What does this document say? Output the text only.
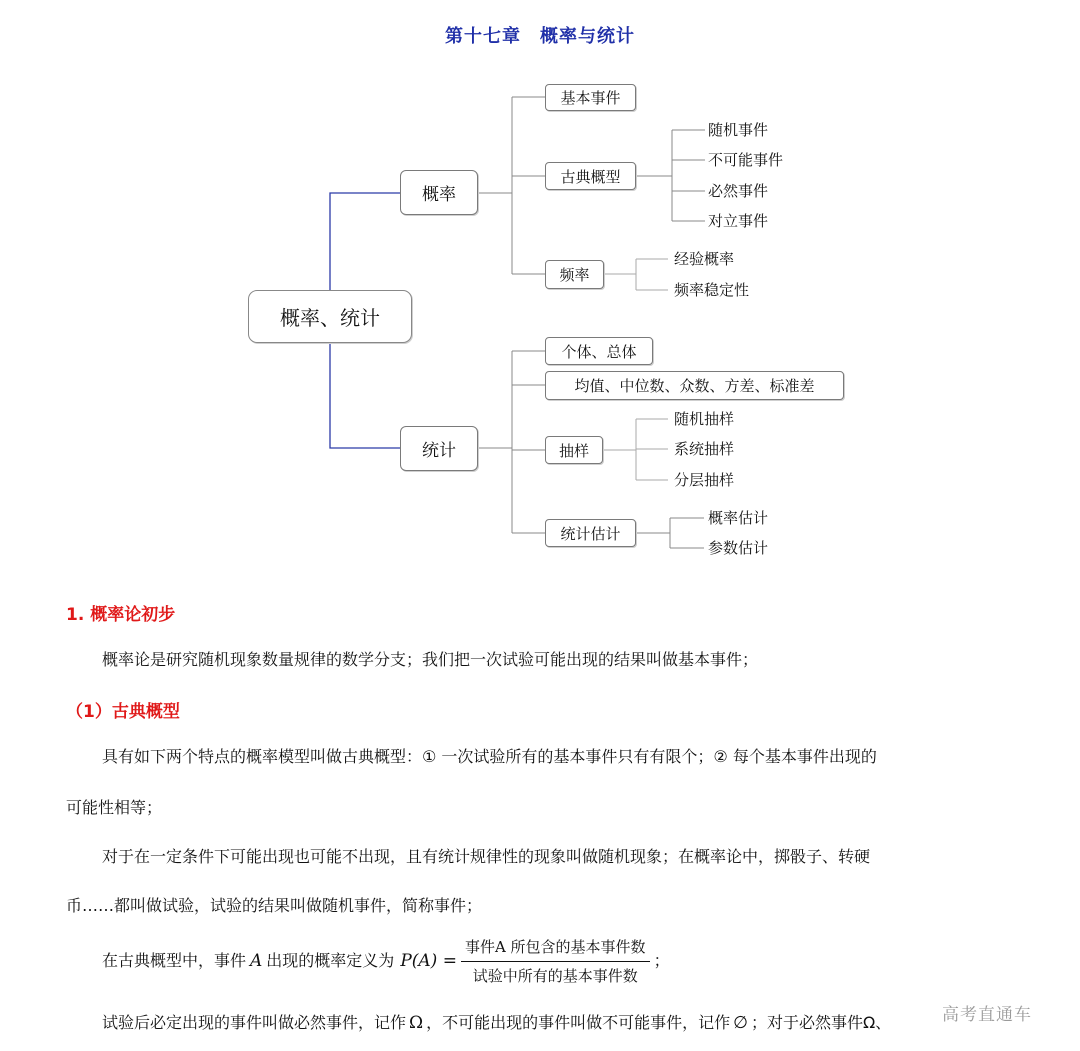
第十七章　概率与统计
概率、统计
概率
统计
基本事件
古典概型
频率
随机事件
不可能事件
必然事件
对立事件
经验概率
频率稳定性
个体、总体
均值、中位数、众数、方差、标准差
抽样
统计估计
随机抽样
系统抽样
分层抽样
概率估计
参数估计
1. 概率论初步
概率论是研究随机现象数量规律的数学分支；我们把一次试验可能出现的结果叫做基本事件；
（1）古典概型
具有如下两个特点的概率模型叫做古典概型：① 一次试验所有的基本事件只有有限个；② 每个基本事件出现的
可能性相等；
对于在一定条件下可能出现也可能不出现，且有统计规律性的现象叫做随机现象；在概率论中，掷骰子、转硬
币……都叫做试验，试验的结果叫做随机事件，简称事件；
在古典概型中，事件 A 出现的概率定义为 $P(A) = \frac{\text{事件A 所包含的基本事件数}}{\text{试验中所有的基本事件数}}$ ；
试验后必定出现的事件叫做必然事件，记作 Ω ，不可能出现的事件叫做不可能事件，记作 ∅ ；对于必然事件Ω、	高考直通车
